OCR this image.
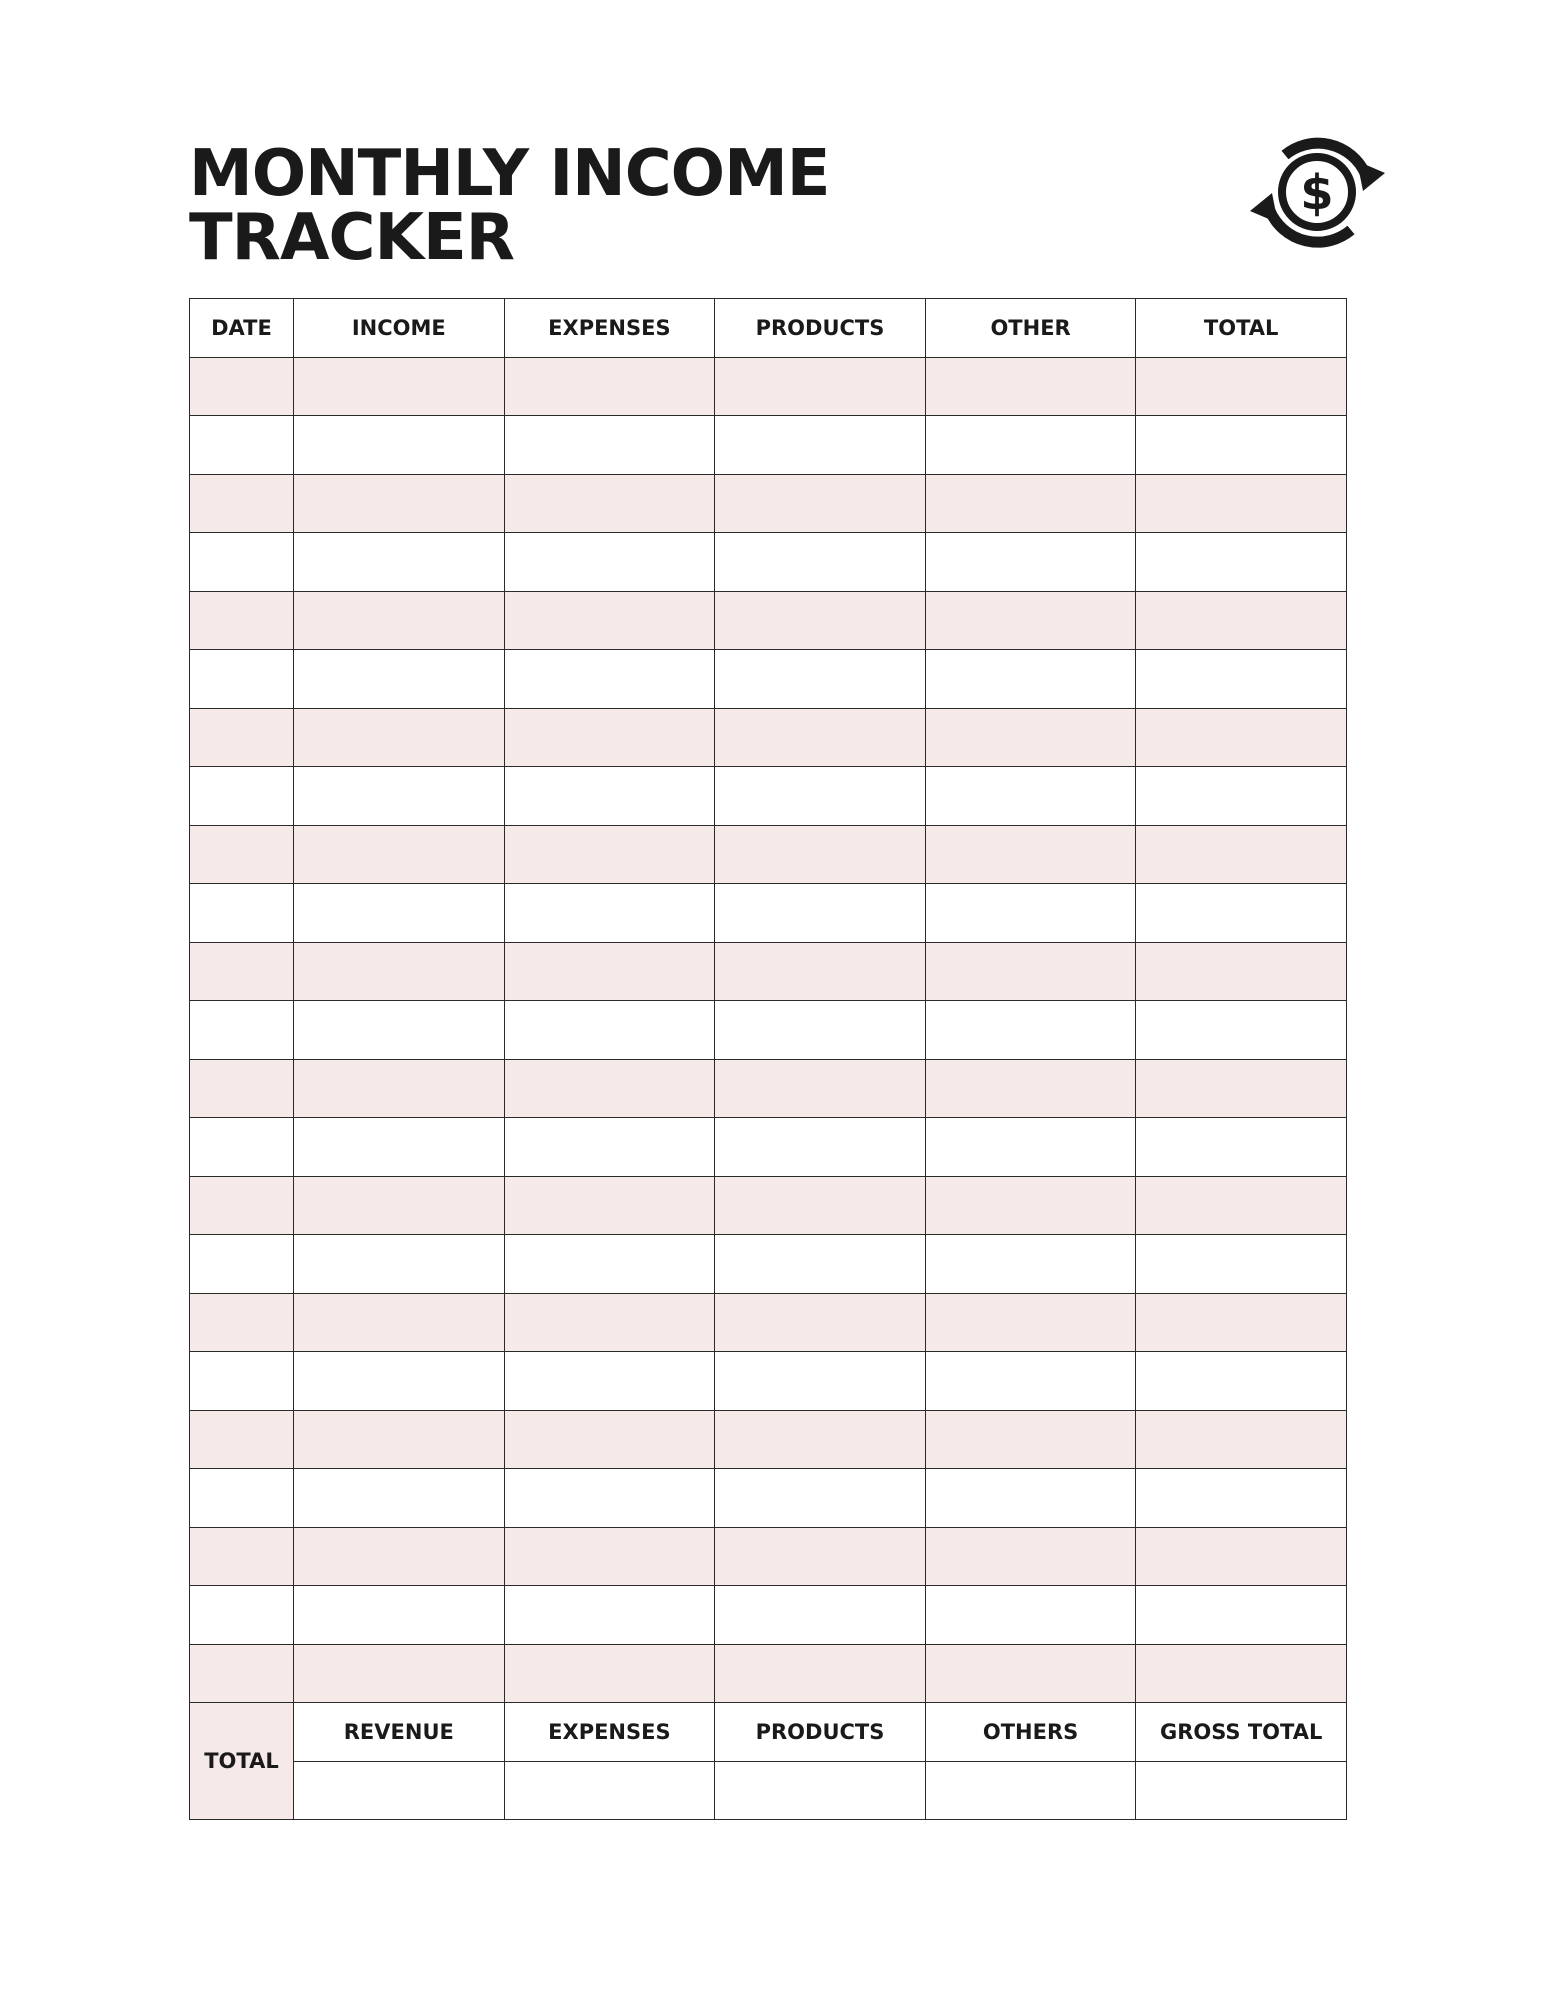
MONTHLY INCOME
TRACKER
$
DATE	INCOME	EXPENSES	PRODUCTS	OTHER	TOTAL

TOTAL	REVENUE	EXPENSES	PRODUCTS	OTHERS	GROSS TOTAL
